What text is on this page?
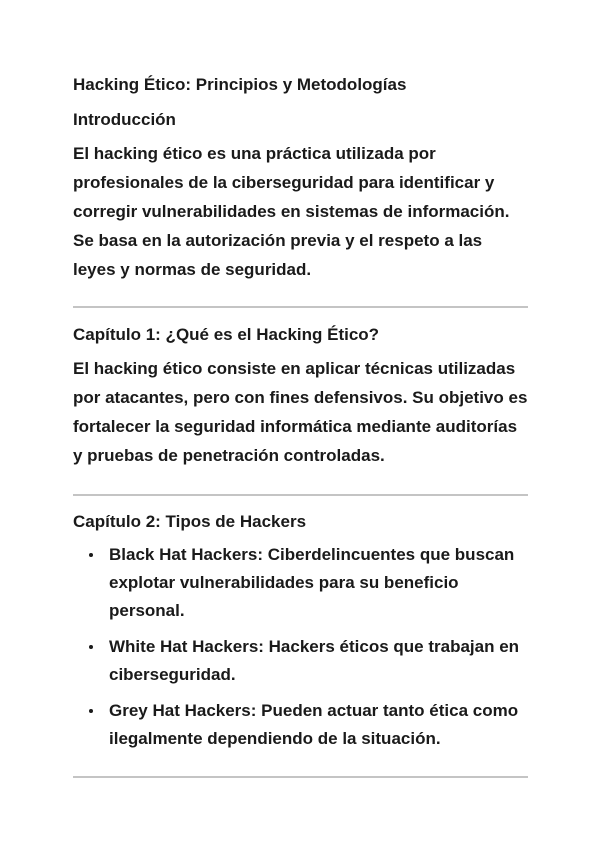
Hacking Ético: Principios y Metodologías
Introducción

El hacking ético es una práctica utilizada por profesionales de la ciberseguridad para identificar y corregir vulnerabilidades en sistemas de información. Se basa en la autorización previa y el respeto a las leyes y normas de seguridad.

Capítulo 1: ¿Qué es el Hacking Ético?

El hacking ético consiste en aplicar técnicas utilizadas por atacantes, pero con fines defensivos. Su objetivo es fortalecer la seguridad informática mediante auditorías y pruebas de penetración controladas.

Capítulo 2: Tipos de Hackers
Black Hat Hackers: Ciberdelincuentes que buscan explotar vulnerabilidades para su beneficio personal.
White Hat Hackers: Hackers éticos que trabajan en ciberseguridad.
Grey Hat Hackers: Pueden actuar tanto ética como ilegalmente dependiendo de la situación.
